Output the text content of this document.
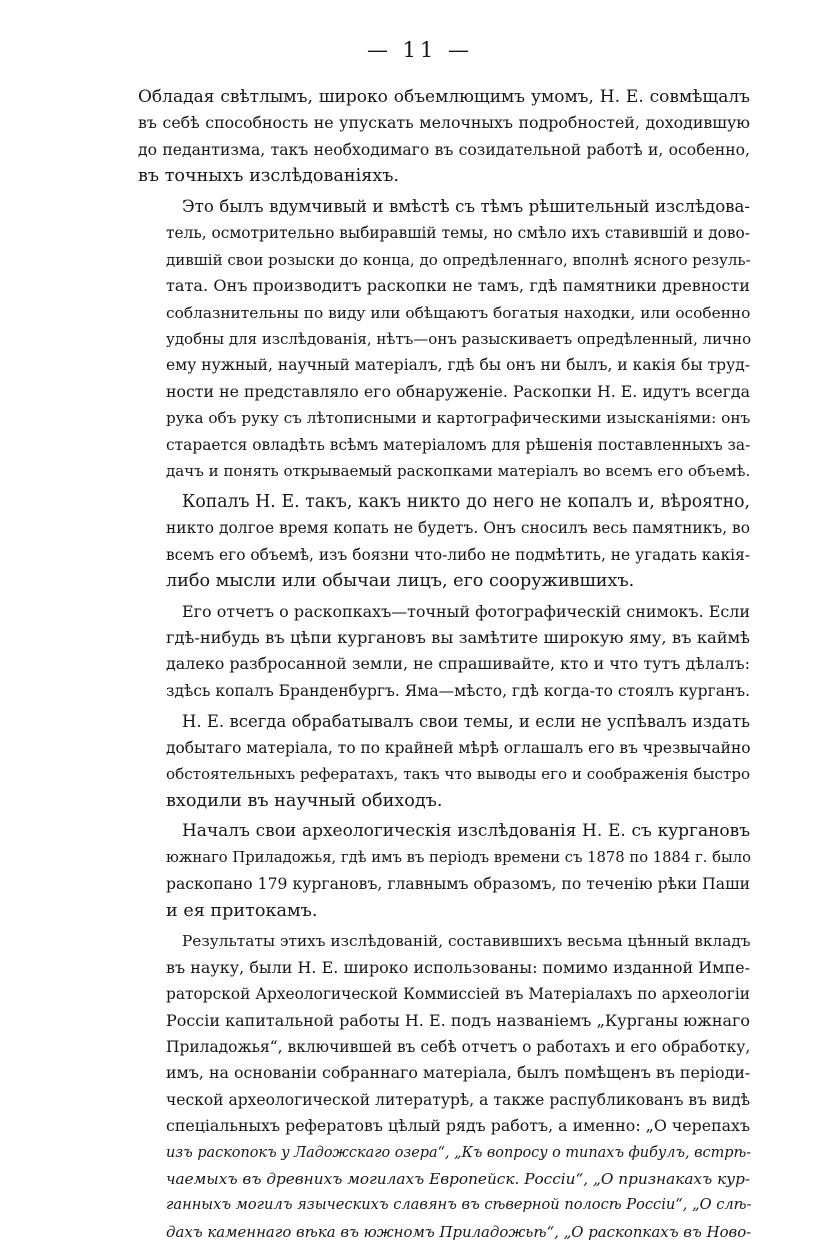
— 11 —

Обладая свѣтлымъ, широко объемлющимъ умомъ, Н. Е. совмѣщалъ
въ себѣ способность не упускать мелочныхъ подробностей, доходившую
до педантизма, такъ необходимаго въ созидательной работѣ и, особенно,
въ точныхъ изслѣдованіяхъ.

Это былъ вдумчивый и вмѣстѣ съ тѣмъ рѣшительный изслѣдова-
тель, осмотрительно выбиравшій темы, но смѣло ихъ ставившій и дово-
дившій свои розыски до конца, до опредѣленнаго, вполнѣ ясного резуль-
тата. Онъ производитъ раскопки не тамъ, гдѣ памятники древности
соблазнительны по виду или обѣщаютъ богатыя находки, или особенно
удобны для изслѣдованія, нѣтъ—онъ разыскиваетъ опредѣленный, лично
ему нужный, научный матеріалъ, гдѣ бы онъ ни былъ, и какія бы труд-
ности не представляло его обнаруженіе. Раскопки Н. Е. идутъ всегда
рука объ руку съ лѣтописными и картографическими изысканіями: онъ
старается овладѣть всѣмъ матеріаломъ для рѣшенія поставленныхъ за-
дачъ и понять открываемый раскопками матеріалъ во всемъ его объемѣ.

Копалъ Н. Е. такъ, какъ никто до него не копалъ и, вѣроятно,
никто долгое время копать не будетъ. Онъ сносилъ весь памятникъ, во
всемъ его объемѣ, изъ боязни что-либо не подмѣтить, не угадать какія-
либо мысли или обычаи лицъ, его сооружившихъ.

Его отчетъ о раскопкахъ—точный фотографическій снимокъ. Если
гдѣ-нибудь въ цѣпи кургановъ вы замѣтите широкую яму, въ каймѣ
далеко разбросанной земли, не спрашивайте, кто и что тутъ дѣлалъ:
здѣсь копалъ Бранденбургъ. Яма—мѣсто, гдѣ когда-то стоялъ курганъ.

Н. Е. всегда обрабатывалъ свои темы, и если не успѣвалъ издать
добытаго матеріала, то по крайней мѣрѣ оглашалъ его въ чрезвычайно
обстоятельныхъ рефератахъ, такъ что выводы его и соображенія быстро
входили въ научный обиходъ.

Началъ свои археологическія изслѣдованія Н. Е. съ кургановъ
южнаго Приладожья, гдѣ имъ въ періодъ времени съ 1878 по 1884 г. было
раскопано 179 кургановъ, главнымъ образомъ, по теченію рѣки Паши
и ея притокамъ.

Результаты этихъ изслѣдованій, составившихъ весьма цѣнный вкладъ
въ науку, были Н. Е. широко использованы: помимо изданной Импе-
раторской Археологической Коммиссіей въ Матеріалахъ по археологіи
Россіи капитальной работы Н. Е. подъ названіемъ „Курганы южнаго
Приладожья“, включившей въ себѣ отчетъ о работахъ и его обработку,
имъ, на основаніи собраннаго матеріала, былъ помѣщенъ въ періоди-
ческой археологической литературѣ, а также распубликованъ въ видѣ
спеціальныхъ рефератовъ цѣлый рядъ работъ, а именно: „О черепахъ
изъ раскопокъ у Ладожскаго озера“, „Къ вопросу о типахъ фибулъ, встрѣ-
чаемыхъ въ древнихъ могилахъ Европейск. Россіи“, „О признакахъ кур-
ганныхъ могилъ языческихъ славянъ въ сѣверной полосѣ Россіи“, „О слѣ-
дахъ каменнаго вѣка въ южномъ Приладожьѣ“, „О раскопкахъ въ Ново-
